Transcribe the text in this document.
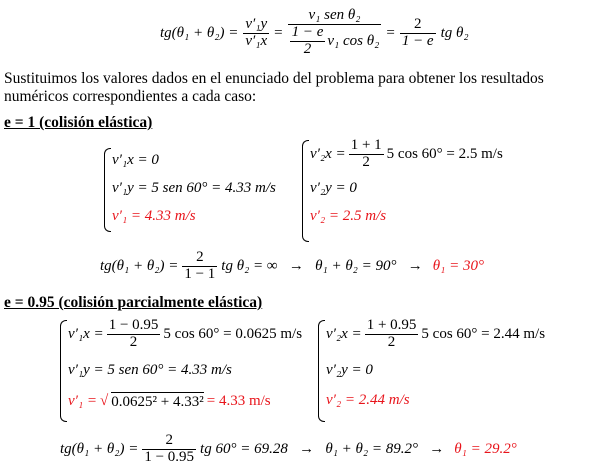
$tg(\theta_1 + \theta_2) = \frac{\text{v′₁y}}{\text{v′₁x}} = \frac{\text{v₁ sen θ₂}}{\frac{1 - e}{2} v_1 \cos \theta_2} = \frac{2}{1 - e}$ tg θ₂
Sustituimos los valores dados en el enunciado del problema para obtener los resultados numéricos correspondientes a cada caso:
e = 1 (colisión elástica)
v′₁x = 0
v′₁y = 5 sen 60° = 4.33 m/s
v′₁ = 4.33 m/s
$v'_2x = \frac{1 + 1}{2} 5$ cos 60° = 2.5 m/s
v′₂y = 0
v′₂ = 2.5 m/s
$tg(\theta_1 + \theta_2) = \frac{2}{1 - 1}$ tg θ₂ = ∞   →   θ₁ + θ₂ = 90°   → θ₁ = 30°
e = 0.95 (colisión parcialmente elástica)
$v'_1x = \frac{1 - 0.95}{2} 5$ cos 60° = 0.0625 m/s
v′₁y = 5 sen 60° = 4.33 m/s
v′₁ = √ 0.0625² + 4.33² = 4.33 m/s
$v'_2x = \frac{1 + 0.95}{2} 5$ cos 60° = 2.44 m/s
v′₂y = 0
v′₂ = 2.44 m/s
$tg(\theta_1 + \theta_2) = \frac{2}{1 - 0.95}$ tg 60° = 69.28   →   θ₁ + θ₂ = 89.2°   → θ₁ = 29.2°
